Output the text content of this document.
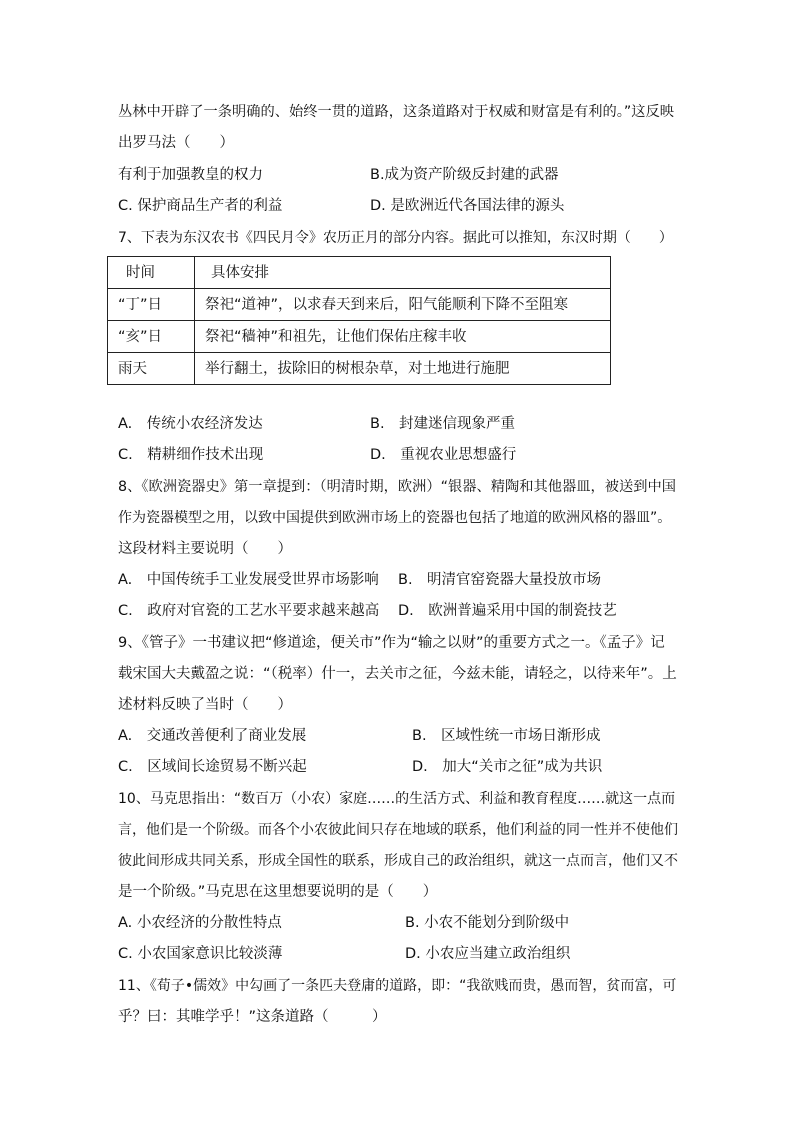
丛林中开辟了一条明确的、始终一贯的道路，这条道路对于权威和财富是有利的。”这反映
出罗马法（　　）
有利于加强教皇的权力	B.成为资产阶级反封建的武器
C. 保护商品生产者的利益	D. 是欧洲近代各国法律的源头
7、下表为东汉农书《四民月令》农历正月的部分内容。据此可以推知，东汉时期（　　）
时间	具体安排
“丁”日	祭祀“道神”，以求春天到来后，阳气能顺利下降不至阻寒
“亥”日	祭祀“穑神”和祖先，让他们保佑庄稼丰收
雨天	举行翻土，拔除旧的树根杂草，对土地进行施肥
A.　传统小农经济发达	B.　封建迷信现象严重
C.　精耕细作技术出现	D.　重视农业思想盛行
8、《欧洲瓷器史》第一章提到：（明清时期，欧洲）“银器、精陶和其他器皿，被送到中国
作为瓷器模型之用，以致中国提供到欧洲市场上的瓷器也包括了地道的欧洲风格的器皿”。
这段材料主要说明（　　）
A.　中国传统手工业发展受世界市场影响 B.　明清官窑瓷器大量投放市场
C.　政府对官瓷的工艺水平要求越来越高 D.　欧洲普遍采用中国的制瓷技艺
9、《管子》一书建议把“修道途，便关市”作为“输之以财”的重要方式之一。《孟子》记
载宋国大夫戴盈之说：“（税率）什一，去关市之征，今兹未能，请轻之，以待来年”。上
述材料反映了当时（　　）
A.　交通改善便利了商业发展	B.　区域性统一市场日渐形成
C.　区域间长途贸易不断兴起	D.　加大“关市之征”成为共识
10、马克思指出：“数百万（小农）家庭……的生活方式、利益和教育程度……就这一点而
言，他们是一个阶级。而各个小农彼此间只存在地域的联系，他们利益的同一性并不使他们
彼此间形成共同关系，形成全国性的联系，形成自己的政治组织，就这一点而言，他们又不
是一个阶级。”马克思在这里想要说明的是（　　）
A. 小农经济的分散性特点	B. 小农不能划分到阶级中
C. 小农国家意识比较淡薄	D. 小农应当建立政治组织
11、《荀子•儒效》中勾画了一条匹夫登庸的道路，即：“我欲贱而贵，愚而智，贫而富，可
乎？曰：其唯学乎！”这条道路（　　　）
